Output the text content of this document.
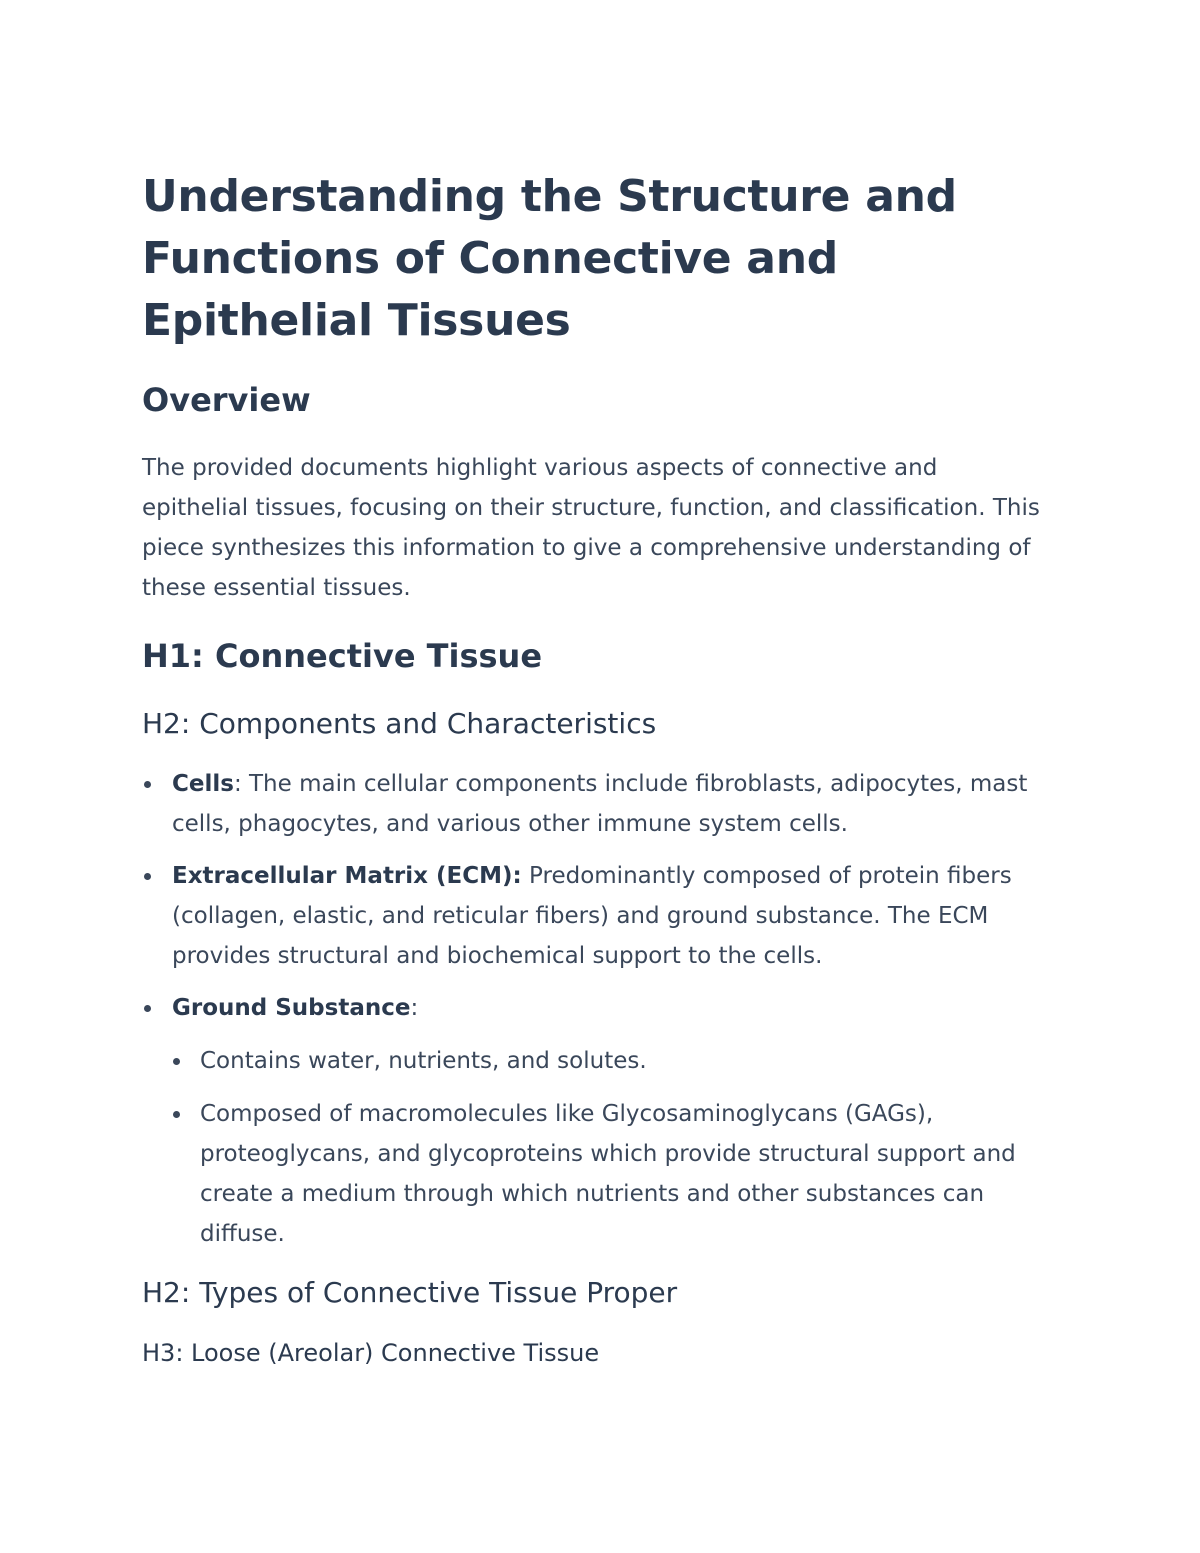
Understanding the Structure and Functions of Connective and Epithelial Tissues
Overview

The provided documents highlight various aspects of connective and epithelial tissues, focusing on their structure, function, and classification. This piece synthesizes this information to give a comprehensive understanding of these essential tissues.

H1: Connective Tissue
H2: Components and Characteristics
Cells: The main cellular components include fibroblasts, adipocytes, mast cells, phagocytes, and various other immune system cells.
Extracellular Matrix (ECM): Predominantly composed of protein fibers (collagen, elastic, and reticular fibers) and ground substance. The ECM provides structural and biochemical support to the cells.
Ground Substance:
Contains water, nutrients, and solutes.
Composed of macromolecules like Glycosaminoglycans (GAGs), proteoglycans, and glycoproteins which provide structural support and create a medium through which nutrients and other substances can diffuse.
H2: Types of Connective Tissue Proper
H3: Loose (Areolar) Connective Tissue
